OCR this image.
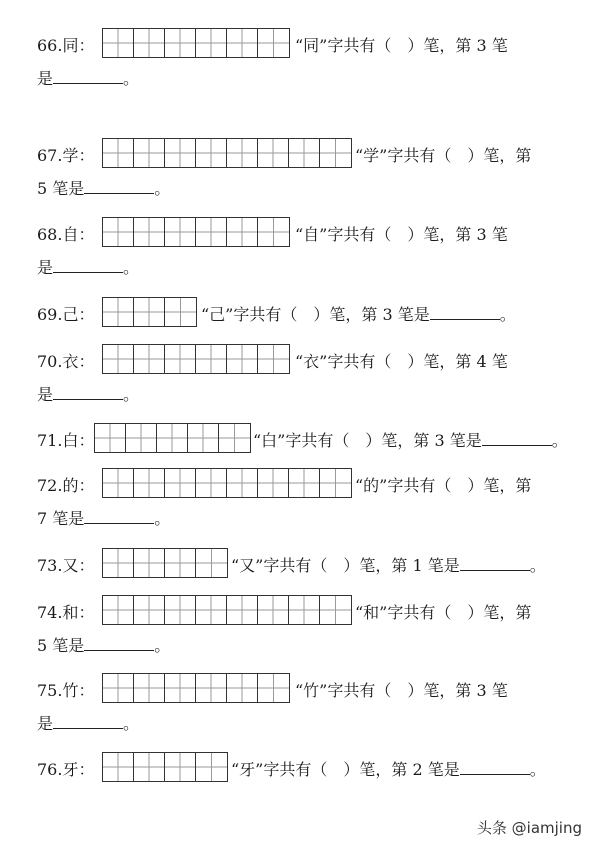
66.同：	“同”字共有（　）笔，第 3 笔
是	。
67.学：	“学”字共有（　）笔，第
5 笔是	。
68.自：	“自”字共有（　）笔，第 3 笔
是	。
69.己：	“己”字共有（　）笔，第 3 笔是	。
70.衣：	“衣”字共有（　）笔，第 4 笔
是	。
71.白：	“白”字共有（　）笔，第 3 笔是	。
72.的：	“的”字共有（　）笔，第
7 笔是	。
73.又：	“又”字共有（　）笔，第 1 笔是	。
74.和：	“和”字共有（　）笔，第
5 笔是	。
75.竹：	“竹”字共有（　）笔，第 3 笔
是	。
76.牙：	“牙”字共有（　）笔，第 2 笔是	。
头条 @iamjing
